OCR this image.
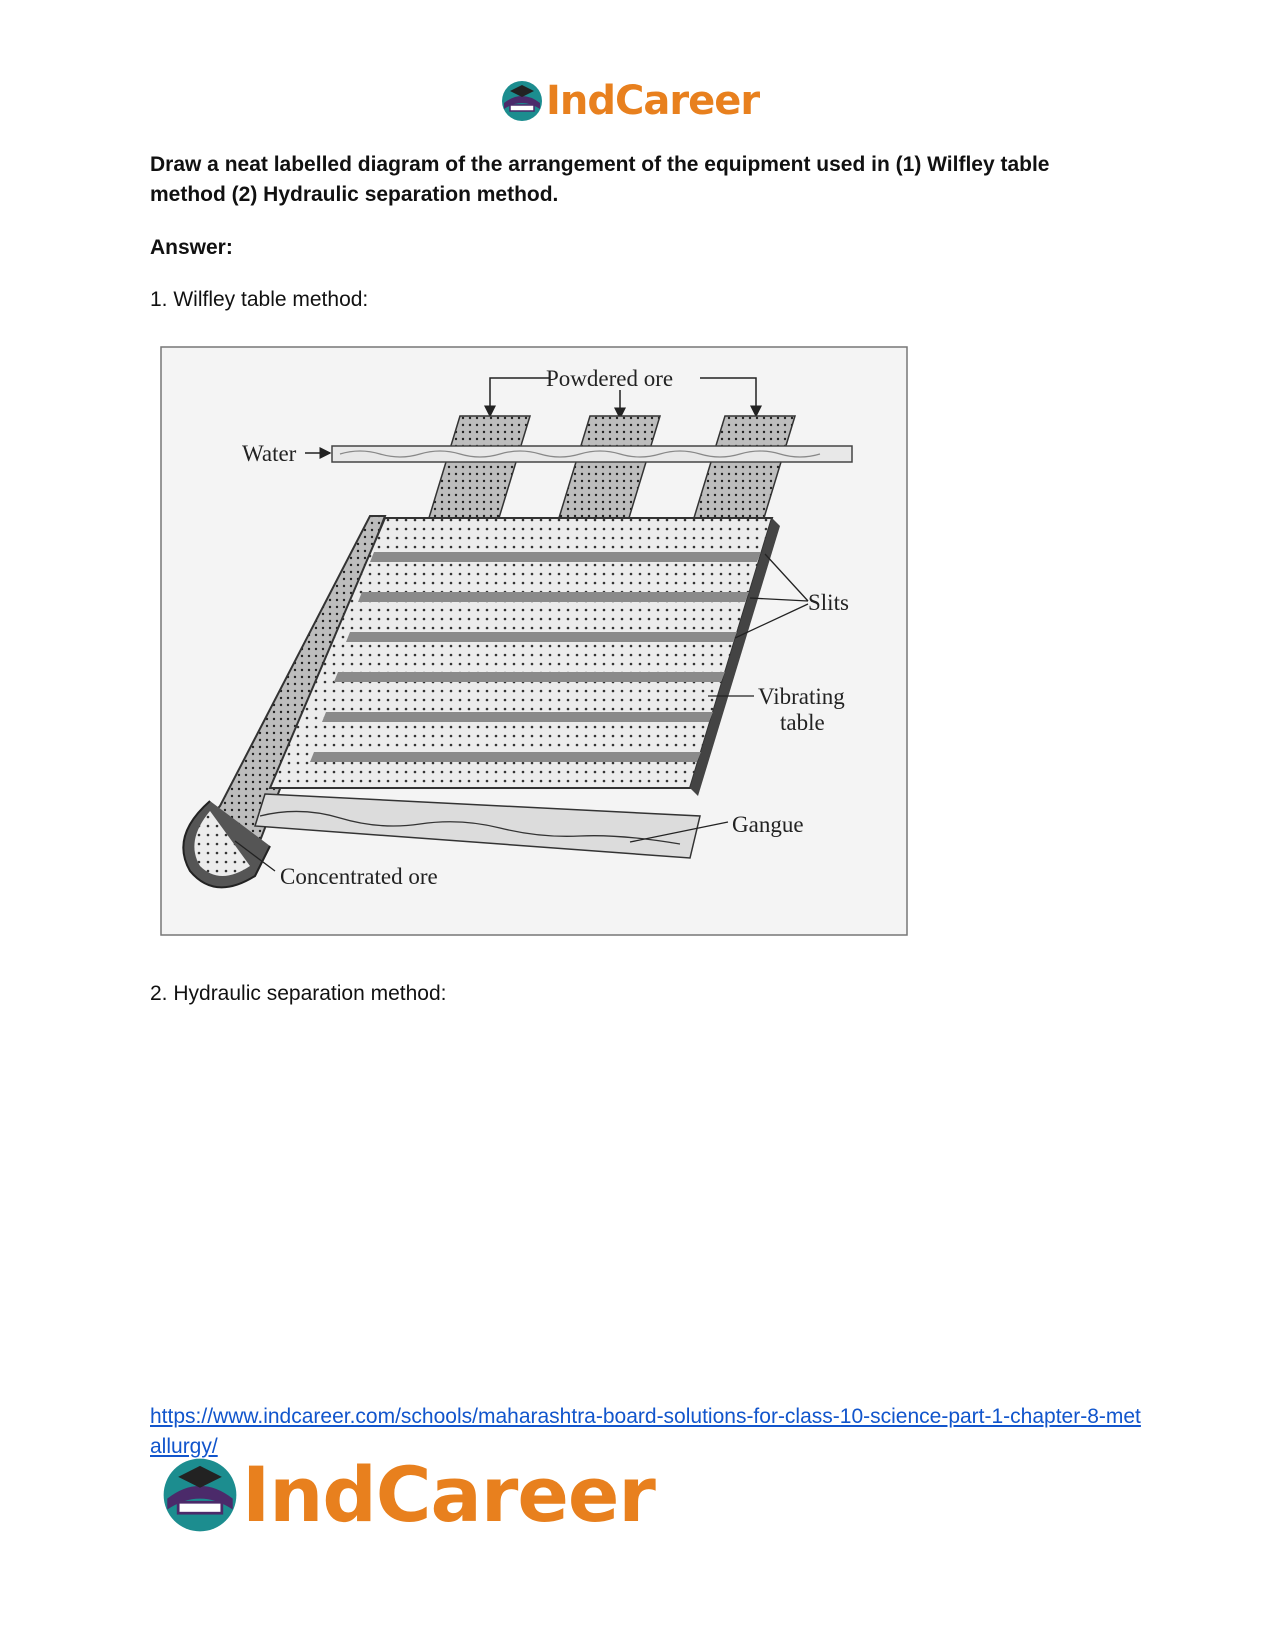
IndCareer
Draw a neat labelled diagram of the arrangement of the equipment used in (1) Wilfley table method (2) Hydraulic separation method.
Answer:
1. Wilfley table method:
Powdered ore
Water
Slits
Vibrating
table
Gangue
Concentrated ore
2. Hydraulic separation method:
https://www.indcareer.com/schools/maharashtra-board-solutions-for-class-10-science-part-1-chapter-8-metallurgy/
IndCareer
